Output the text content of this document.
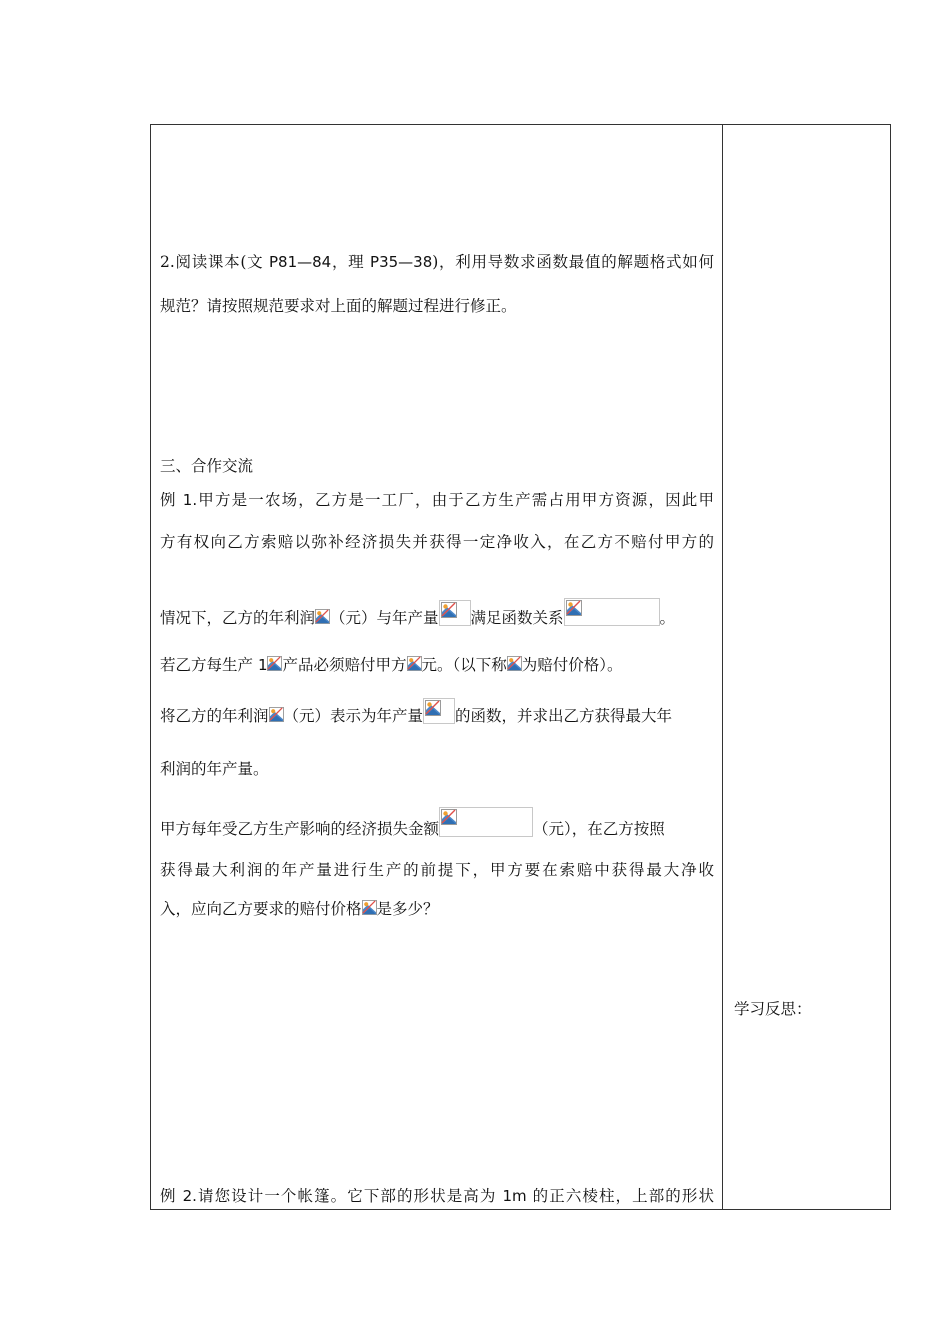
2.阅读课本(文 P81—84，理 P35—38)，利用导数求函数最值的解题格式如何
规范？请按照规范要求对上面的解题过程进行修正。
三、合作交流
例 1.甲方是一农场，乙方是一工厂，由于乙方生产需占用甲方资源，因此甲
方有权向乙方索赔以弥补经济损失并获得一定净收入，在乙方不赔付甲方的
情况下，乙方的年利润 （元）与年产量 满足函数关系	。
若乙方每生产 1 产品必须赔付甲方 元。（以下称 为赔付价格）。
将乙方的年利润 （元）表示为年产量 的函数，并求出乙方获得最大年
利润的年产量。
甲方每年受乙方生产影响的经济损失金额	（元），在乙方按照
获得最大利润的年产量进行生产的前提下，甲方要在索赔中获得最大净收
入，应向乙方要求的赔付价格 是多少？
例 2.请您设计一个帐篷。它下部的形状是高为 1m 的正六棱柱，上部的形状
学习反思：
